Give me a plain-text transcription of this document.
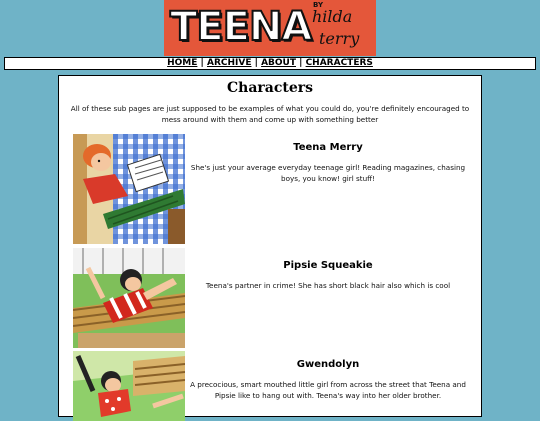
TEENA BY
hilda
terry
HOME | ARCHIVE | ABOUT | CHARACTERS
Characters
All of these sub pages are just supposed to be examples of what you could do, you're definitely encouraged to mess around with them and come up with something better
Teena Merry
She's just your average everyday teenage girl! Reading magazines, chasing boys, you know! girl stuff!
Pipsie Squeakie
Teena's partner in crime! She has short black hair also which is cool
Gwendolyn
A precocious, smart mouthed little girl from across the street that Teena and Pipsie like to hang out with. Teena's way into her older brother.
